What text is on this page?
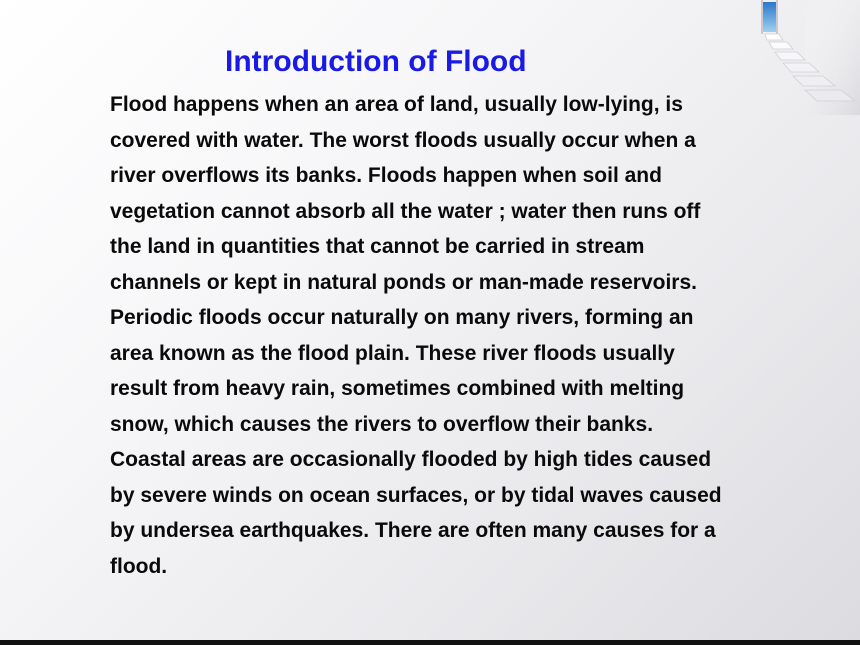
Introduction of Flood
Flood happens when an area of land, usually low-lying, is
covered with water. The worst floods usually occur when a
river overflows its banks. Floods happen when soil and
vegetation cannot absorb all the water ; water then runs off
the land in quantities that cannot be carried in stream
channels or kept in natural ponds or man-made reservoirs.
Periodic floods occur naturally on many rivers, forming an
area known as the flood plain. These river floods usually
result from heavy rain, sometimes combined with melting
snow, which causes the rivers to overflow their banks.
Coastal areas are occasionally flooded by high tides caused
by severe winds on ocean surfaces, or by tidal waves caused
by undersea earthquakes. There are often many causes for a
flood.
